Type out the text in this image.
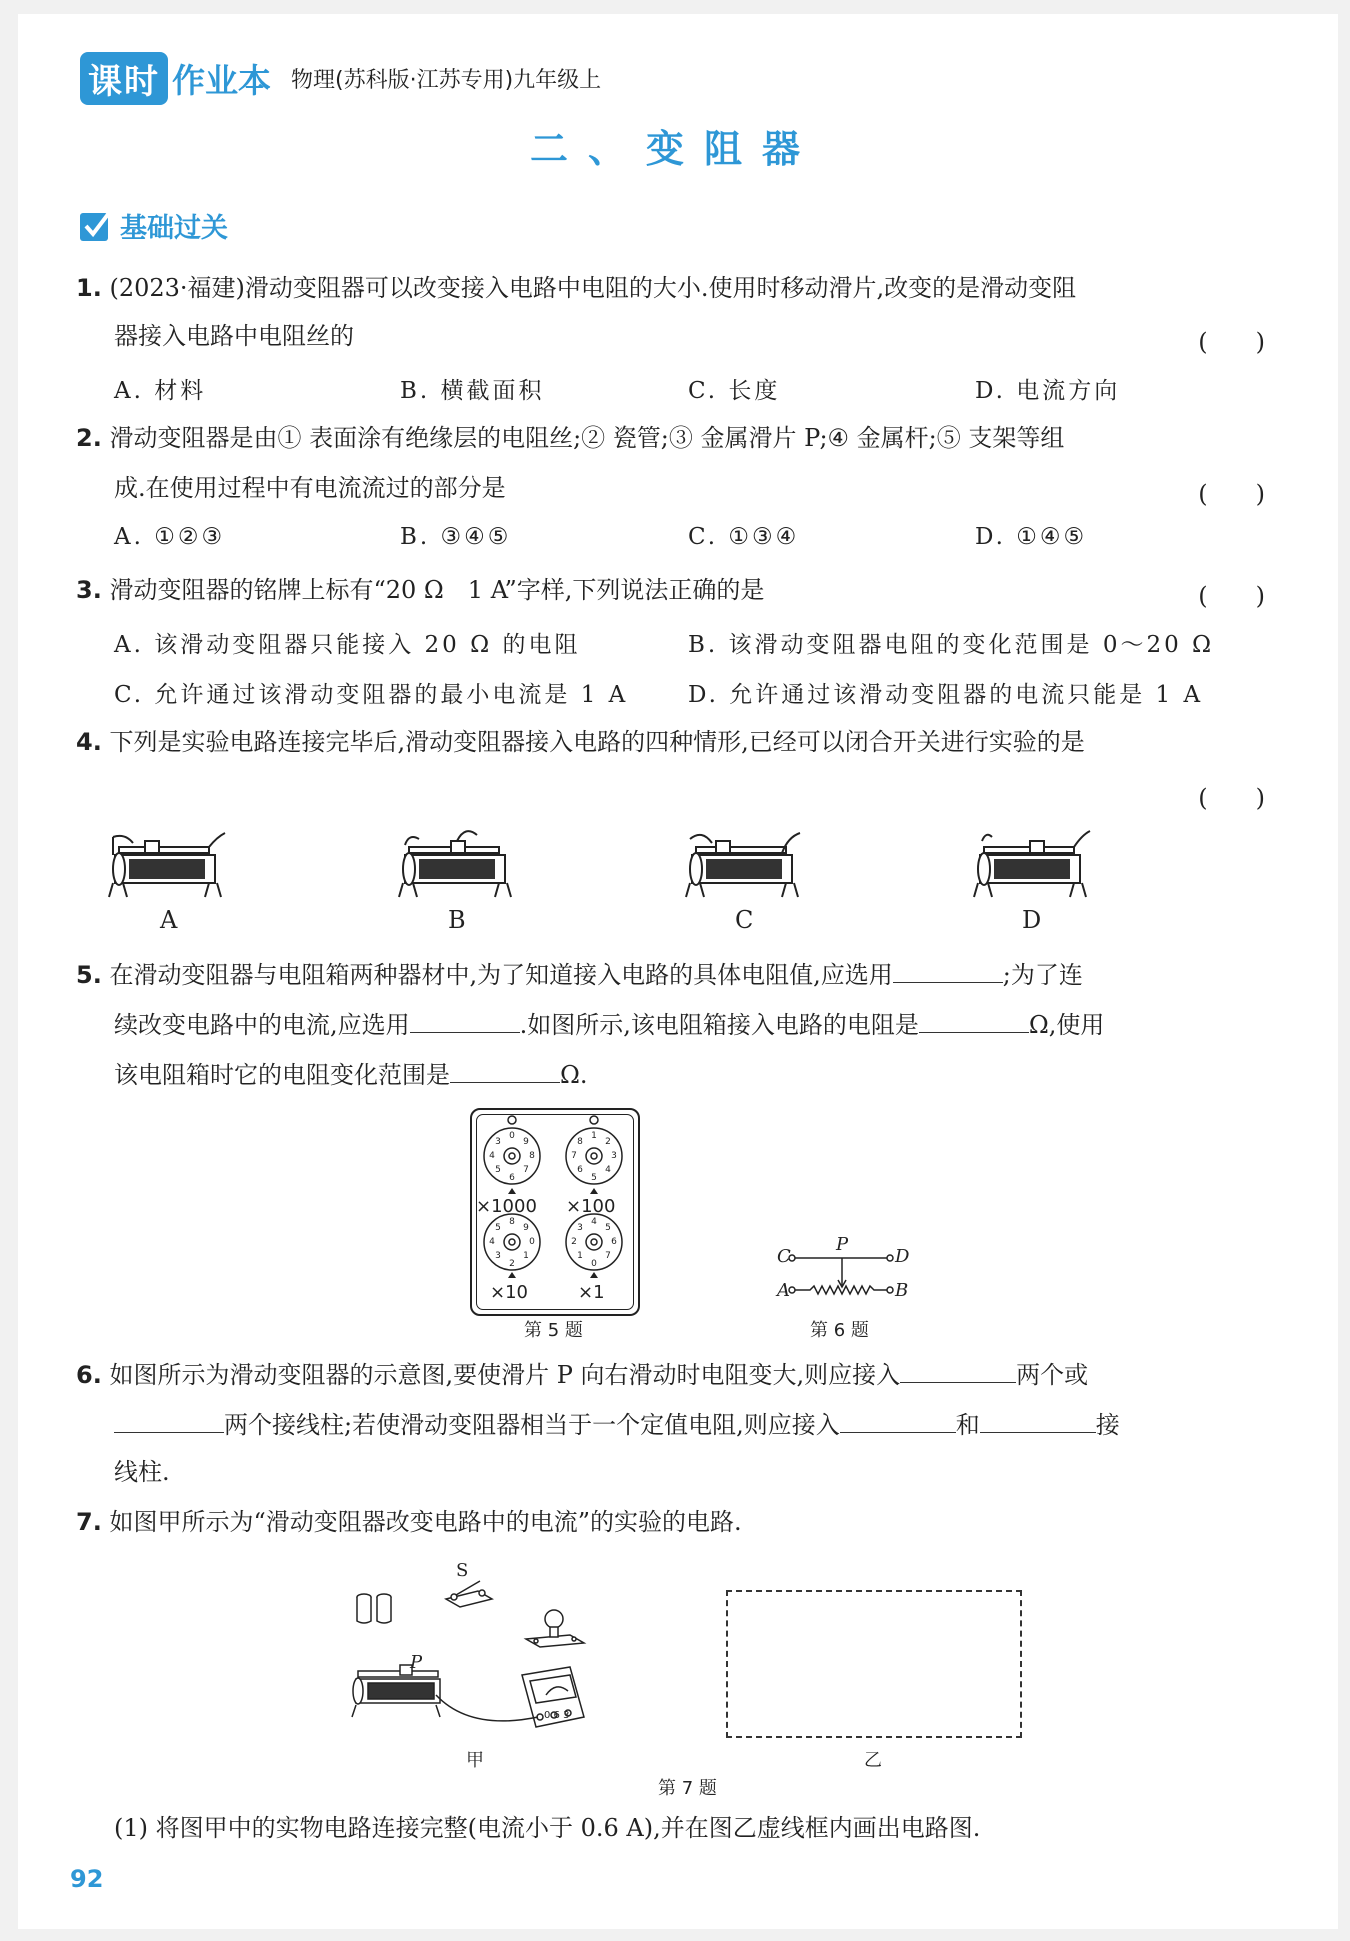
课时 作业本 物理(苏科版·江苏专用)九年级上
二、变阻器
基础过关
1. (2023·福建)滑动变阻器可以改变接入电路中电阻的大小.使用时移动滑片,改变的是滑动变阻
器接入电路中电阻丝的	(　　)
A. 材料	B. 横截面积	C. 长度	D. 电流方向
2. 滑动变阻器是由① 表面涂有绝缘层的电阻丝;② 瓷管;③ 金属滑片 P;④ 金属杆;⑤ 支架等组
成.在使用过程中有电流流过的部分是	(　　)
A. ①②③	B. ③④⑤	C. ①③④	D. ①④⑤
3. 滑动变阻器的铭牌上标有“20 Ω　1 A”字样,下列说法正确的是	(　　)
A. 该滑动变阻器只能接入 20 Ω 的电阻	B. 该滑动变阻器电阻的变化范围是 0～20 Ω
C. 允许通过该滑动变阻器的最小电流是 1 A	D. 允许通过该滑动变阻器的电流只能是 1 A
4. 下列是实验电路连接完毕后,滑动变阻器接入电路的四种情形,已经可以闭合开关进行实验的是
(　　)
A	B	C	D
5. 在滑动变阻器与电阻箱两种器材中,为了知道接入电路的具体电阻值,应选用	;为了连
续改变电路中的电流,应选用	.如图所示,该电阻箱接入电路的电阻是	Ω,使用
该电阻箱时它的电阻变化范围是	Ω.
0
9
8
7
6
5
4
3
1
2
3
4
5
6
7
8
8
9
0
1
2
3
4
5
4
5
6
7
0
1
2
3
×1000 ×100
×10	×1
第 5 题
C	D
A	B
P
第 6 题
6. 如图所示为滑动变阻器的示意图,要使滑片 P 向右滑动时电阻变大,则应接入	两个或
两个接线柱;若使滑动变阻器相当于一个定值电阻,则应接入	和	接
线柱.
7. 如图甲所示为“滑动变阻器改变电路中的电流”的实验的电路.
S
P
0.6 3
甲	乙
第 7 题
(1) 将图甲中的实物电路连接完整(电流小于 0.6 A),并在图乙虚线框内画出电路图.
92
